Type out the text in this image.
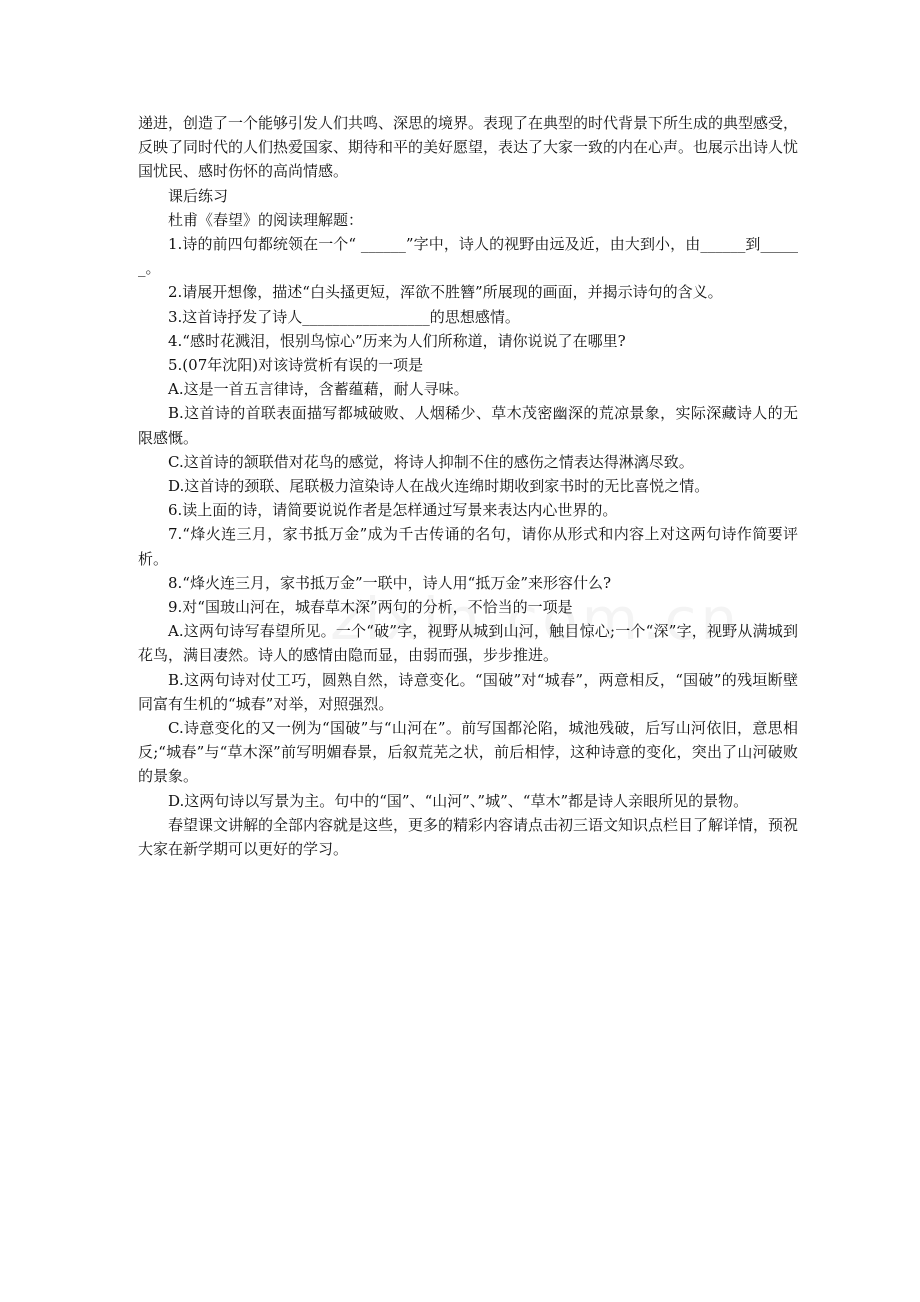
递进，创造了一个能够引发人们共鸣、深思的境界。表现了在典型的时代背景下所生成的典型感受，反映了同时代的人们热爱国家、期待和平的美好愿望，表达了大家一致的内在心声。也展示出诗人忧国忧民、感时伤怀的高尚情感。

课后练习

杜甫《春望》的阅读理解题：

1.诗的前四句都统领在一个“ ______”字中，诗人的视野由远及近，由大到小，由______到______。

2.请展开想像，描述“白头搔更短，浑欲不胜簪”所展现的画面，并揭示诗句的含义。

3.这首诗抒发了诗人_________________的思想感情。

4.“感时花溅泪，恨别鸟惊心”历来为人们所称道，请你说说了在哪里?

5.(07年沈阳)对该诗赏析有误的一项是

A.这是一首五言律诗，含蓄蕴藉，耐人寻味。

B.这首诗的首联表面描写都城破败、人烟稀少、草木茂密幽深的荒凉景象，实际深藏诗人的无限感慨。

C.这首诗的颔联借对花鸟的感觉，将诗人抑制不住的感伤之情表达得淋漓尽致。

D.这首诗的颈联、尾联极力渲染诗人在战火连绵时期收到家书时的无比喜悦之情。

6.读上面的诗，请简要说说作者是怎样通过写景来表达内心世界的。

7.“烽火连三月，家书抵万金”成为千古传诵的名句，请你从形式和内容上对这两句诗作简要评析。

8.“烽火连三月，家书抵万金”一联中，诗人用“抵万金”来形容什么?

9.对“国玻山河在，城春草木深”两句的分析，不恰当的一项是

A.这两句诗写春望所见。一个“破”字，视野从城到山河，触目惊心;一个“深”字，视野从满城到花鸟，满目凄然。诗人的感情由隐而显，由弱而强，步步推进。

B.这两句诗对仗工巧，圆熟自然，诗意变化。“国破”对“城春”，两意相反，“国破”的残垣断壁同富有生机的“城春”对举，对照强烈。

C.诗意变化的又一例为“国破”与“山河在”。前写国都沦陷，城池残破，后写山河依旧，意思相反;“城春”与“草木深”前写明媚春景，后叙荒芜之状，前后相悖，这种诗意的变化，突出了山河破败的景象。

D.这两句诗以写景为主。句中的“国”、“山河”、”城”、“草木”都是诗人亲眼所见的景物。

春望课文讲解的全部内容就是这些，更多的精彩内容请点击初三语文知识点栏目了解详情，预祝大家在新学期可以更好的学习。
